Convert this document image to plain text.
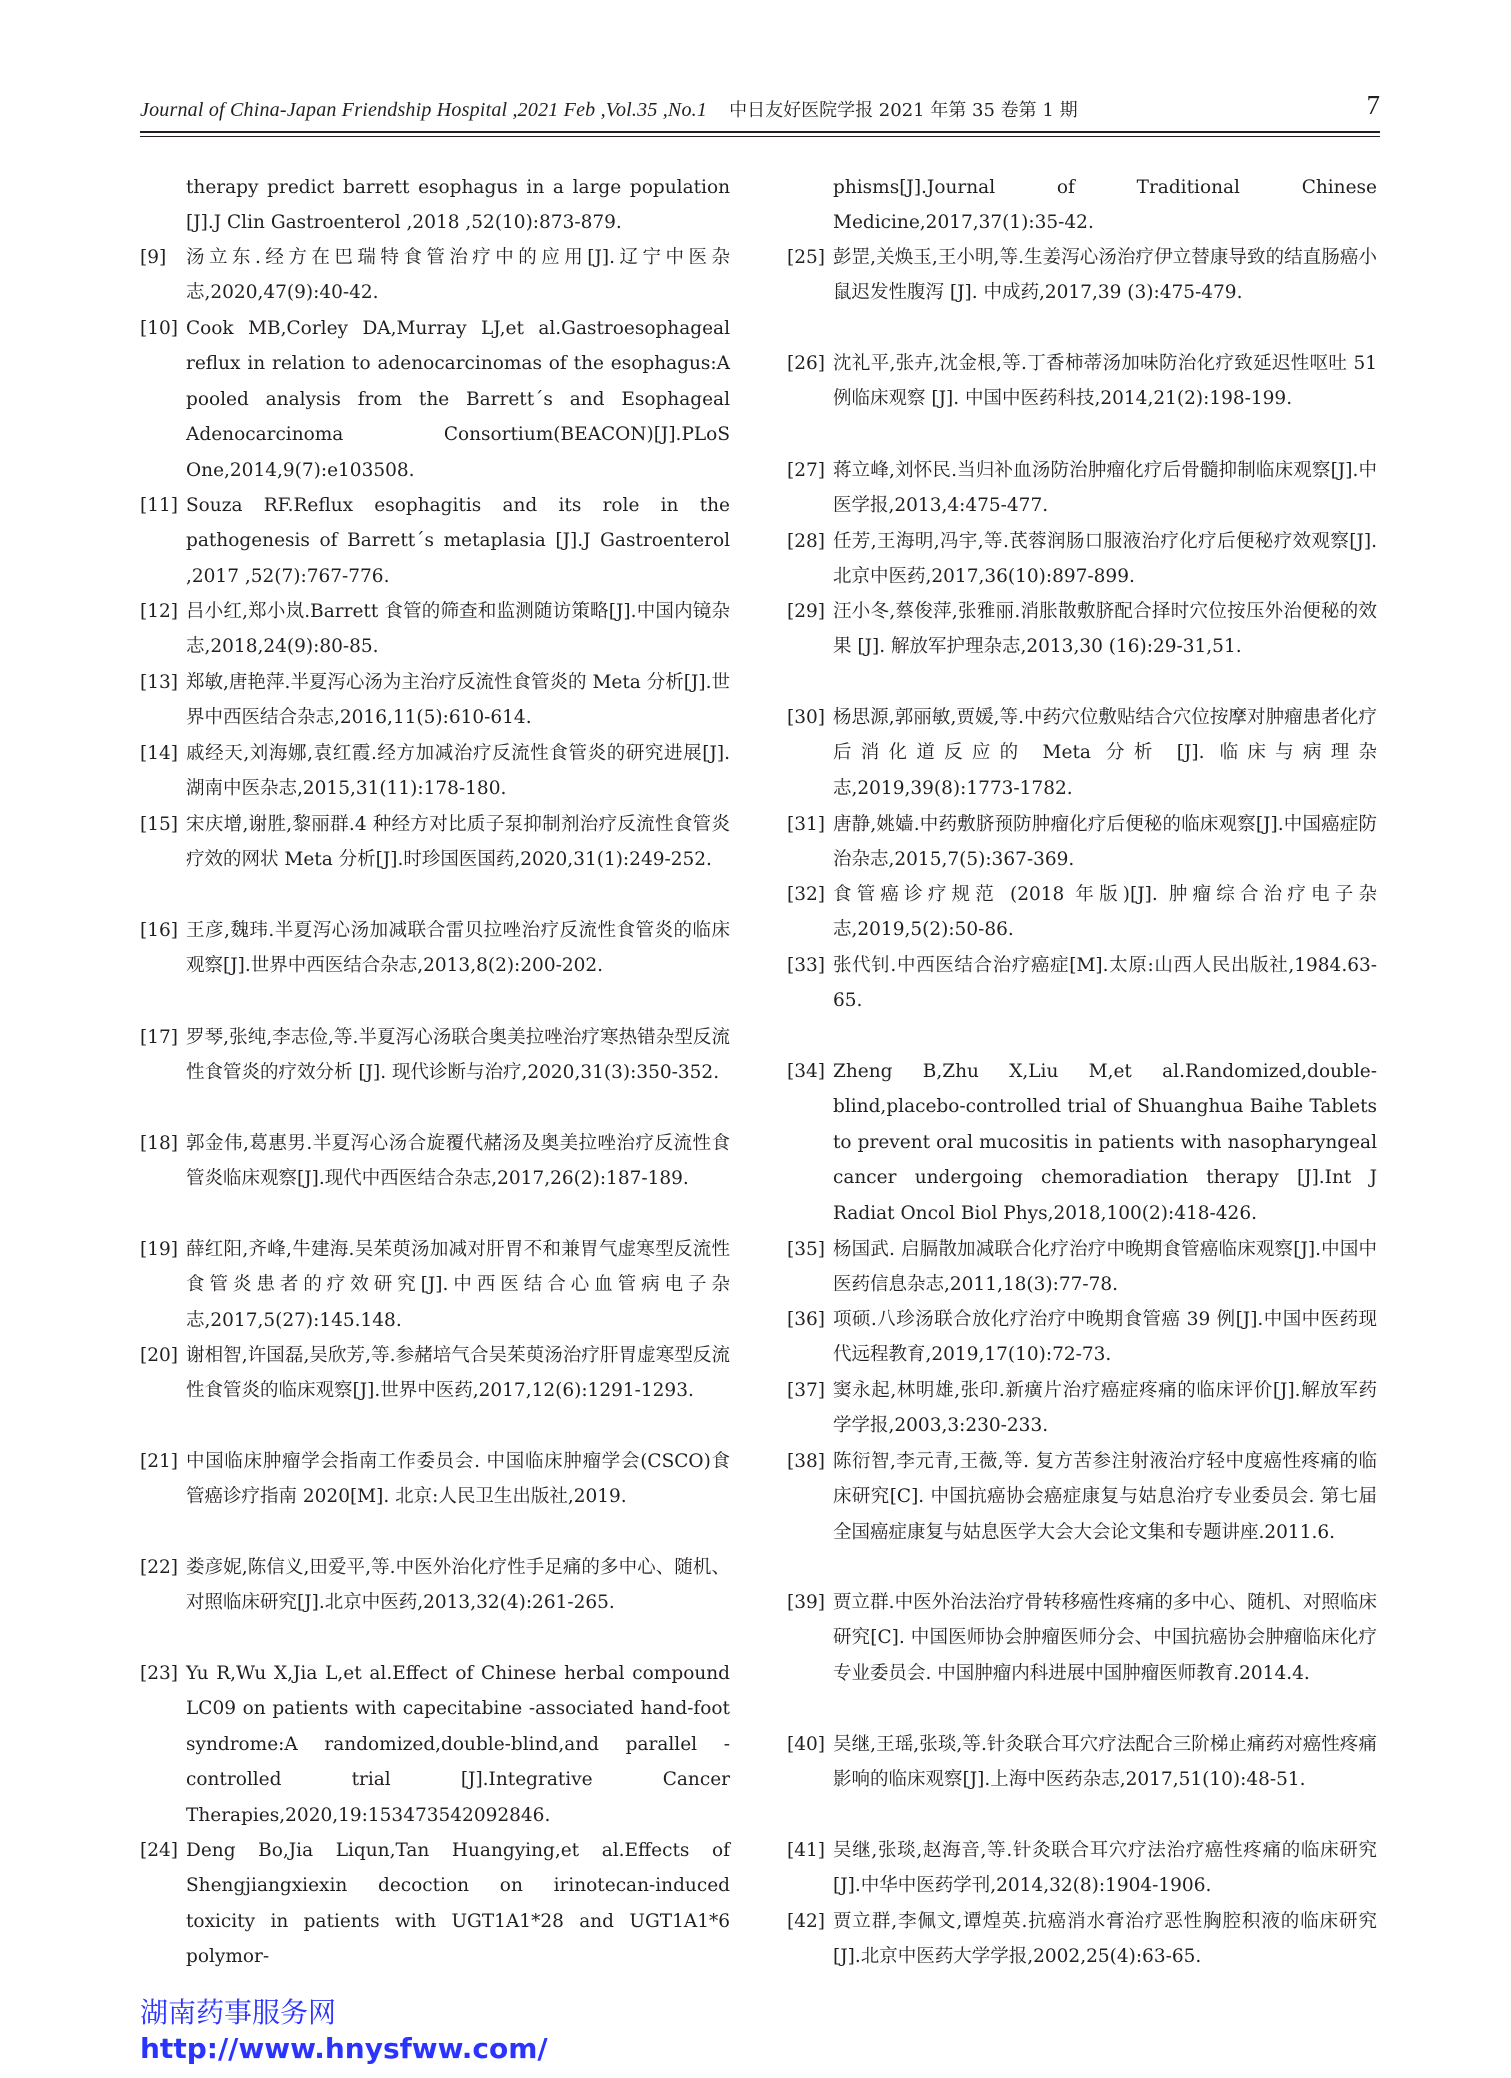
Journal of China-Japan Friendship Hospital ,2021 Feb ,Vol.35 ,No.1 中日友好医院学报 2021 年第 35 卷第 1 期	7
therapy predict barrett esophagus in a large population [J].J Clin Gastroenterol ,2018 ,52(10):873-879.
[9] 汤立东.经方在巴瑞特食管治疗中的应用[J].辽宁中医杂志,2020,47(9):40-42.
[10] Cook MB,Corley DA,Murray LJ,et al.Gastroesophageal reflux in relation to adenocarcinomas of the esophagus:A pooled analysis from the Barrett´s and Esophageal Adenocarcinoma Consortium(BEACON)[J].PLoS One,2014,9(7):e103508.
[11] Souza RF.Reflux esophagitis and its role in the pathogenesis of Barrett´s metaplasia [J].J Gastroenterol ,2017 ,52(7):767-776.
[12] 吕小红,郑小岚.Barrett 食管的筛查和监测随访策略[J].中国内镜杂志,2018,24(9):80-85.
[13] 郑敏,唐艳萍.半夏泻心汤为主治疗反流性食管炎的 Meta 分析[J].世界中西医结合杂志,2016,11(5):610-614.
[14] 戚经天,刘海娜,袁红霞.经方加减治疗反流性食管炎的研究进展[J].湖南中医杂志,2015,31(11):178-180.
[15] 宋庆增,谢胜,黎丽群.4 种经方对比质子泵抑制剂治疗反流性食管炎疗效的网状 Meta 分析[J].时珍国医国药,2020,31(1):249-252.
[16] 王彦,魏玮.半夏泻心汤加减联合雷贝拉唑治疗反流性食管炎的临床观察[J].世界中西医结合杂志,2013,8(2):200-202.
[17] 罗琴,张纯,李志俭,等.半夏泻心汤联合奥美拉唑治疗寒热错杂型反流性食管炎的疗效分析 [J]. 现代诊断与治疗,2020,31(3):350-352.
[18] 郭金伟,葛惠男.半夏泻心汤合旋覆代赭汤及奥美拉唑治疗反流性食管炎临床观察[J].现代中西医结合杂志,2017,26(2):187-189.
[19] 薛红阳,齐峰,牛建海.吴茱萸汤加减对肝胃不和兼胃气虚寒型反流性食管炎患者的疗效研究[J].中西医结合心血管病电子杂志,2017,5(27):145.148.
[20] 谢相智,许国磊,吴欣芳,等.参赭培气合吴茱萸汤治疗肝胃虚寒型反流性食管炎的临床观察[J].世界中医药,2017,12(6):1291-1293.
[21] 中国临床肿瘤学会指南工作委员会. 中国临床肿瘤学会(CSCO)食管癌诊疗指南 2020[M]. 北京:人民卫生出版社,2019.
[22] 娄彦妮,陈信义,田爱平,等.中医外治化疗性手足痛的多中心、随机、对照临床研究[J].北京中医药,2013,32(4):261-265.
[23] Yu R,Wu X,Jia L,et al.Effect of Chinese herbal compound LC09 on patients with capecitabine -associated hand-foot syndrome:A randomized,double-blind,and parallel -controlled trial [J].Integrative Cancer Therapies,2020,19:153473542092846.
[24] Deng Bo,Jia Liqun,Tan Huangying,et al.Effects of Shengjiangxiexin decoction on irinotecan-induced toxicity in patients with UGT1A1*28 and UGT1A1*6 polymor-
phisms[J].Journal of Traditional Chinese Medicine,2017,37(1):35-42.
[25] 彭罡,关焕玉,王小明,等.生姜泻心汤治疗伊立替康导致的结直肠癌小鼠迟发性腹泻 [J]. 中成药,2017,39 (3):475-479.
[26] 沈礼平,张卉,沈金根,等.丁香柿蒂汤加味防治化疗致延迟性呕吐 51 例临床观察 [J]. 中国中医药科技,2014,21(2):198-199.
[27] 蒋立峰,刘怀民.当归补血汤防治肿瘤化疗后骨髓抑制临床观察[J].中医学报,2013,4:475-477.
[28] 任芳,王海明,冯宇,等.芪蓉润肠口服液治疗化疗后便秘疗效观察[J].北京中医药,2017,36(10):897-899.
[29] 汪小冬,蔡俊萍,张雅丽.消胀散敷脐配合择时穴位按压外治便秘的效果 [J]. 解放军护理杂志,2013,30 (16):29-31,51.
[30] 杨思源,郭丽敏,贾媛,等.中药穴位敷贴结合穴位按摩对肿瘤患者化疗后消化道反应的 Meta 分析 [J]. 临床与病理杂志,2019,39(8):1773-1782.
[31] 唐静,姚嫱.中药敷脐预防肿瘤化疗后便秘的临床观察[J].中国癌症防治杂志,2015,7(5):367-369.
[32] 食管癌诊疗规范 (2018 年版)[J]. 肿瘤综合治疗电子杂志,2019,5(2):50-86.
[33] 张代钊.中西医结合治疗癌症[M].太原:山西人民出版社,1984.63-65.
[34] Zheng B,Zhu X,Liu M,et al.Randomized,double-blind,placebo-controlled trial of Shuanghua Baihe Tablets to prevent oral mucositis in patients with nasopharyngeal cancer undergoing chemoradiation therapy [J].Int J Radiat Oncol Biol Phys,2018,100(2):418-426.
[35] 杨国武. 启膈散加减联合化疗治疗中晚期食管癌临床观察[J].中国中医药信息杂志,2011,18(3):77-78.
[36] 项硕.八珍汤联合放化疗治疗中晚期食管癌 39 例[J].中国中医药现代远程教育,2019,17(10):72-73.
[37] 窦永起,林明雄,张印.新癀片治疗癌症疼痛的临床评价[J].解放军药学学报,2003,3:230-233.
[38] 陈衍智,李元青,王薇,等. 复方苦参注射液治疗轻中度癌性疼痛的临床研究[C]. 中国抗癌协会癌症康复与姑息治疗专业委员会. 第七届全国癌症康复与姑息医学大会大会论文集和专题讲座.2011.6.
[39] 贾立群.中医外治法治疗骨转移癌性疼痛的多中心、随机、对照临床研究[C]. 中国医师协会肿瘤医师分会、中国抗癌协会肿瘤临床化疗专业委员会. 中国肿瘤内科进展中国肿瘤医师教育.2014.4.
[40] 吴继,王瑶,张琰,等.针灸联合耳穴疗法配合三阶梯止痛药对癌性疼痛影响的临床观察[J].上海中医药杂志,2017,51(10):48-51.
[41] 吴继,张琰,赵海音,等.针灸联合耳穴疗法治疗癌性疼痛的临床研究[J].中华中医药学刊,2014,32(8):1904-1906.
[42] 贾立群,李佩文,谭煌英.抗癌消水膏治疗恶性胸腔积液的临床研究[J].北京中医药大学学报,2002,25(4):63-65.
湖南药事服务网
http://www.hnysfww.com/
